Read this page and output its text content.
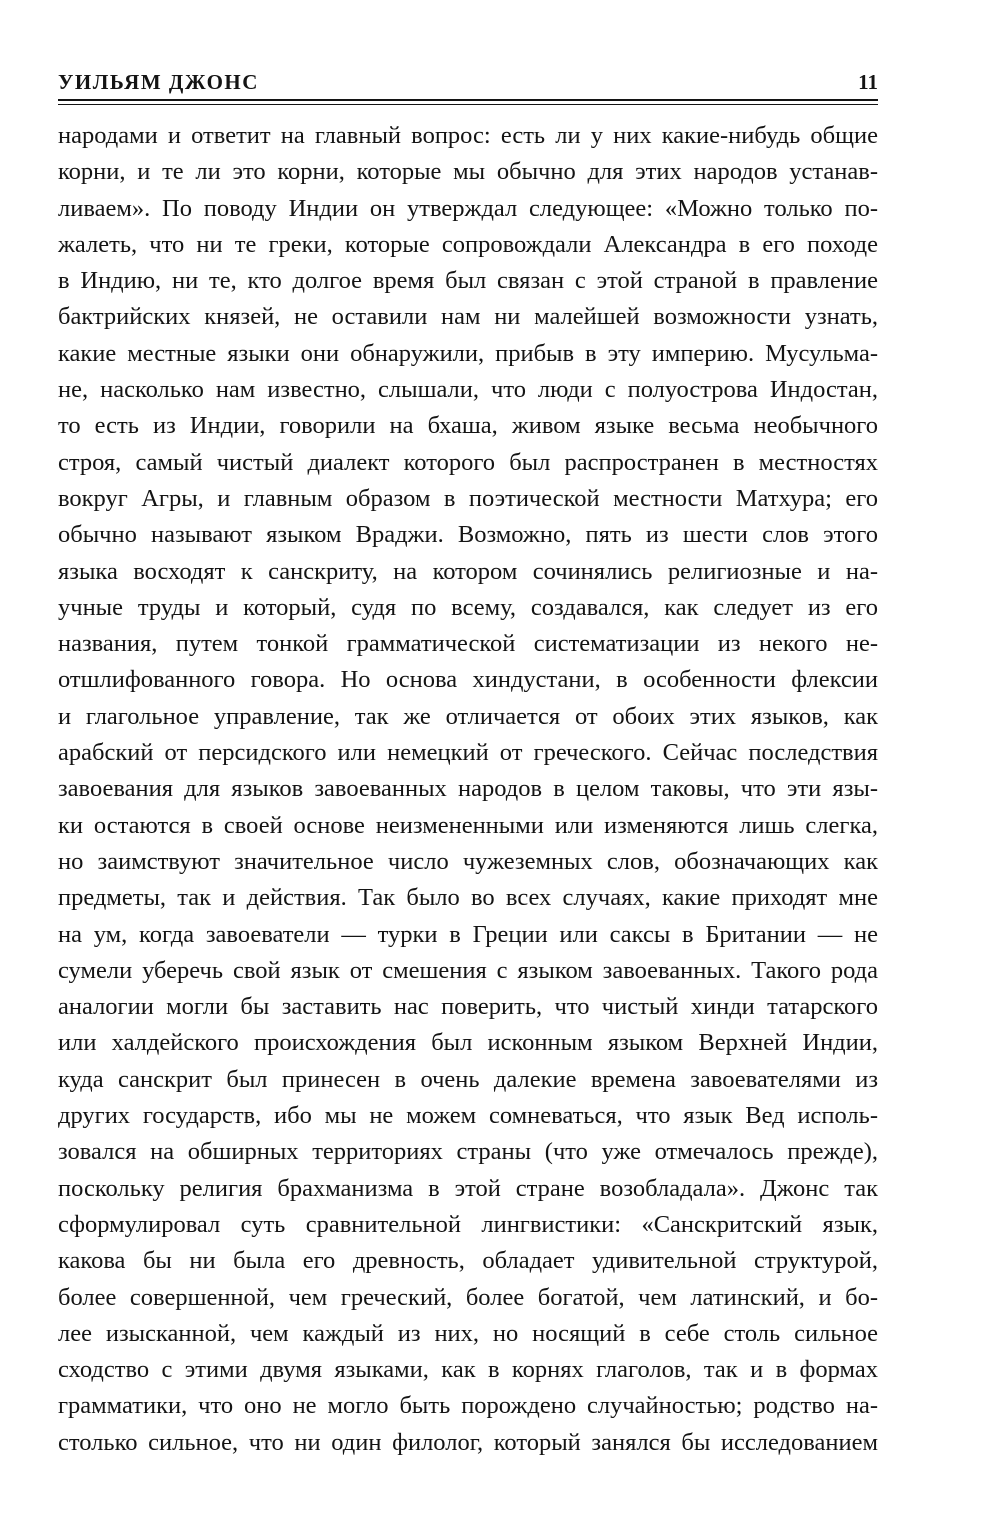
УИЛЬЯМ ДЖОНС	11
народами и ответит на главный вопрос: есть ли у них какие-нибудь общие
корни, и те ли это корни, которые мы обычно для этих народов устанав-
ливаем». По поводу Индии он утверждал следующее: «Можно только по-
жалеть, что ни те греки, которые сопровождали Александра в его походе
в Индию, ни те, кто долгое время был связан с этой страной в правление
бактрийских князей, не оставили нам ни малейшей возможности узнать,
какие местные языки они обнаружили, прибыв в эту империю. Мусульма-
не, насколько нам известно, слышали, что люди с полуострова Индостан,
то есть из Индии, говорили на бхаша, живом языке весьма необычного
строя, самый чистый диалект которого был распространен в местностях
вокруг Агры, и главным образом в поэтической местности Матхура; его
обычно называют языком Враджи. Возможно, пять из шести слов этого
языка восходят к санскриту, на котором сочинялись религиозные и на-
учные труды и который, судя по всему, создавался, как следует из его
названия, путем тонкой грамматической систематизации из некого не-
отшлифованного говора. Но основа хиндустани, в особенности флексии
и глагольное управление, так же отличается от обоих этих языков, как
арабский от персидского или немецкий от греческого. Сейчас последствия
завоевания для языков завоеванных народов в целом таковы, что эти язы-
ки остаются в своей основе неизмененными или изменяются лишь слегка,
но заимствуют значительное число чужеземных слов, обозначающих как
предметы, так и действия. Так было во всех случаях, какие приходят мне
на ум, когда завоеватели — турки в Греции или саксы в Британии — не
сумели уберечь свой язык от смешения с языком завоеванных. Такого рода
аналогии могли бы заставить нас поверить, что чистый хинди татарского
или халдейского происхождения был исконным языком Верхней Индии,
куда санскрит был принесен в очень далекие времена завоевателями из
других государств, ибо мы не можем сомневаться, что язык Вед исполь-
зовался на обширных территориях страны (что уже отмечалось прежде),
поскольку религия брахманизма в этой стране возобладала». Джонс так
сформулировал суть сравнительной лингвистики: «Санскритский язык,
какова бы ни была его древность, обладает удивительной структурой,
более совершенной, чем греческий, более богатой, чем латинский, и бо-
лее изысканной, чем каждый из них, но носящий в себе столь сильное
сходство с этими двумя языками, как в корнях глаголов, так и в формах
грамматики, что оно не могло быть порождено случайностью; родство на-
столько сильное, что ни один филолог, который занялся бы исследованием
